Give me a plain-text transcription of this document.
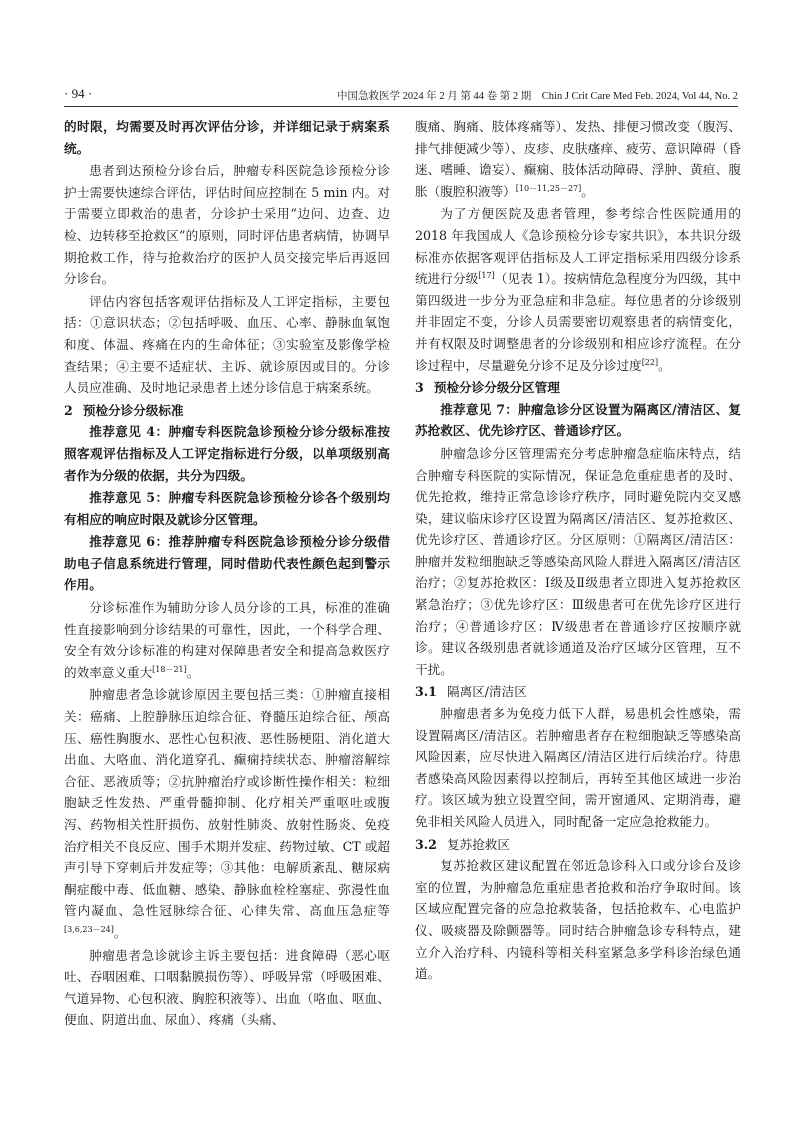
· 94 ·	中国急救医学 2024 年 2 月 第 44 卷 第 2 期　Chin J Crit Care Med Feb. 2024, Vol 44, No. 2

的时限，均需要及时再次评估分诊，并详细记录于病案系统。

患者到达预检分诊台后，肿瘤专科医院急诊预检分诊护士需要快速综合评估，评估时间应控制在 5 min 内。对于需要立即救治的患者，分诊护士采用“边问、边查、边检、边转移至抢救区”的原则，同时评估患者病情，协调早期抢救工作，待与抢救治疗的医护人员交接完毕后再返回分诊台。

评估内容包括客观评估指标及人工评定指标，主要包括：①意识状态；②包括呼吸、血压、心率、静脉血氧饱和度、体温、疼痛在内的生命体征；③实验室及影像学检查结果；④主要不适症状、主诉、就诊原因或目的。分诊人员应准确、及时地记录患者上述分诊信息于病案系统。

2 预检分诊分级标准

推荐意见 4：肿瘤专科医院急诊预检分诊分级标准按照客观评估指标及人工评定指标进行分级，以单项级别高者作为分级的依据，共分为四级。

推荐意见 5：肿瘤专科医院急诊预检分诊各个级别均有相应的响应时限及就诊分区管理。

推荐意见 6：推荐肿瘤专科医院急诊预检分诊分级借助电子信息系统进行管理，同时借助代表性颜色起到警示作用。

分诊标准作为辅助分诊人员分诊的工具，标准的准确性直接影响到分诊结果的可靠性，因此，一个科学合理、安全有效分诊标准的构建对保障患者安全和提高急救医疗的效率意义重大[18－21]。

肿瘤患者急诊就诊原因主要包括三类：①肿瘤直接相关：癌痛、上腔静脉压迫综合征、脊髓压迫综合征、颅高压、癌性胸腹水、恶性心包积液、恶性肠梗阻、消化道大出血、大咯血、消化道穿孔、癫痫持续状态、肿瘤溶解综合征、恶液质等；②抗肿瘤治疗或诊断性操作相关：粒细胞缺乏性发热、严重骨髓抑制、化疗相关严重呕吐或腹泻、药物相关性肝损伤、放射性肺炎、放射性肠炎、免疫治疗相关不良反应、围手术期并发症、药物过敏、CT 或超声引导下穿刺后并发症等；③其他：电解质紊乱、糖尿病酮症酸中毒、低血糖、感染、静脉血栓栓塞症、弥漫性血管内凝血、急性冠脉综合征、心律失常、高血压急症等[3,6,23－24]。

肿瘤患者急诊就诊主诉主要包括：进食障碍（恶心呕吐、吞咽困难、口咽黏膜损伤等）、呼吸异常（呼吸困难、气道异物、心包积液、胸腔积液等）、出血（咯血、呕血、便血、阴道出血、尿血）、疼痛（头痛、

腹痛、胸痛、肢体疼痛等）、发热、排便习惯改变（腹泻、排气排便减少等）、皮疹、皮肤瘙痒、疲劳、意识障碍（昏迷、嗜睡、谵妄）、癫痫、肢体活动障碍、浮肿、黄疸、腹胀（腹腔积液等）[10－11,25－27]。

为了方便医院及患者管理，参考综合性医院通用的 2018 年我国成人《急诊预检分诊专家共识》，本共识分级标准亦依据客观评估指标及人工评定指标采用四级分诊系统进行分级[17]（见表 1）。按病情危急程度分为四级，其中第四级进一步分为亚急症和非急症。每位患者的分诊级别并非固定不变，分诊人员需要密切观察患者的病情变化，并有权限及时调整患者的分诊级别和相应诊疗流程。在分诊过程中，尽量避免分诊不足及分诊过度[22]。

3 预检分诊分级分区管理

推荐意见 7：肿瘤急诊分区设置为隔离区/清洁区、复苏抢救区、优先诊疗区、普通诊疗区。

肿瘤急诊分区管理需充分考虑肿瘤急症临床特点，结合肿瘤专科医院的实际情况，保证急危重症患者的及时、优先抢救，维持正常急诊诊疗秩序，同时避免院内交叉感染，建议临床诊疗区设置为隔离区/清洁区、复苏抢救区、优先诊疗区、普通诊疗区。分区原则：①隔离区/清洁区：肿瘤并发粒细胞缺乏等感染高风险人群进入隔离区/清洁区治疗；②复苏抢救区：Ⅰ级及Ⅱ级患者立即进入复苏抢救区紧急治疗；③优先诊疗区：Ⅲ级患者可在优先诊疗区进行治疗；④普通诊疗区：Ⅳ级患者在普通诊疗区按顺序就诊。建议各级别患者就诊通道及治疗区域分区管理，互不干扰。

3.1 隔离区/清洁区

肿瘤患者多为免疫力低下人群，易患机会性感染，需设置隔离区/清洁区。若肿瘤患者存在粒细胞缺乏等感染高风险因素，应尽快进入隔离区/清洁区进行后续治疗。待患者感染高风险因素得以控制后，再转至其他区域进一步治疗。该区域为独立设置空间，需开窗通风、定期消毒，避免非相关风险人员进入，同时配备一定应急抢救能力。

3.2 复苏抢救区

复苏抢救区建议配置在邻近急诊科入口或分诊台及诊室的位置，为肿瘤急危重症患者抢救和治疗争取时间。该区域应配置完备的应急抢救装备，包括抢救车、心电监护仪、吸痰器及除颤器等。同时结合肿瘤急诊专科特点，建立介入治疗科、内镜科等相关科室紧急多学科诊治绿色通道。
